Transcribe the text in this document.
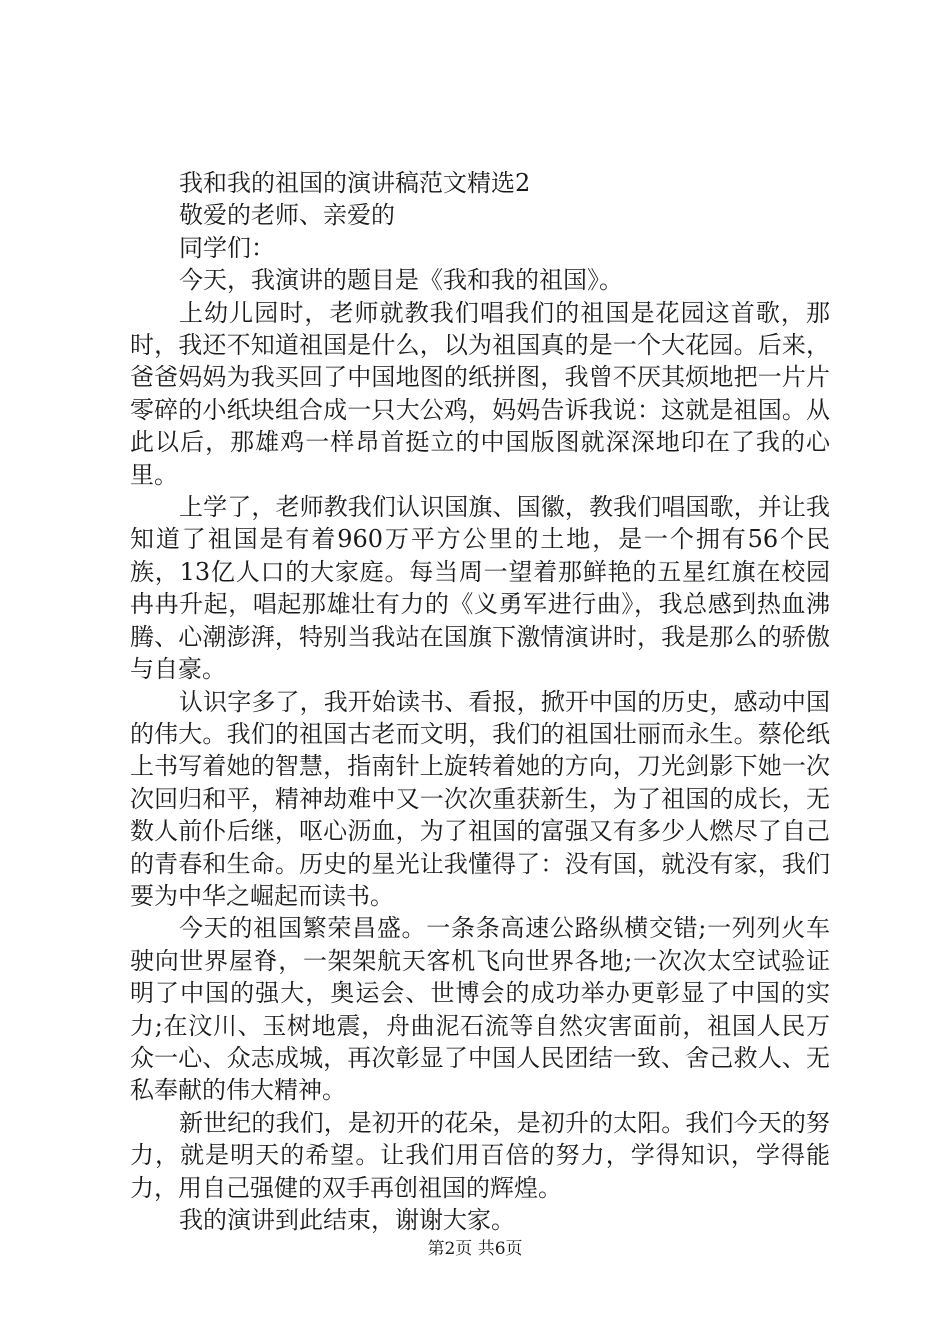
我和我的祖国的演讲稿范文精选2

敬爱的老师、亲爱的

同学们：

今天，我演讲的题目是《我和我的祖国》。

上幼儿园时，老师就教我们唱我们的祖国是花园这首歌，那时，我还不知道祖国是什么，以为祖国真的是一个大花园。后来，爸爸妈妈为我买回了中国地图的纸拼图，我曾不厌其烦地把一片片零碎的小纸块组合成一只大公鸡，妈妈告诉我说：这就是祖国。从此以后，那雄鸡一样昂首挺立的中国版图就深深地印在了我的心里。

上学了，老师教我们认识国旗、国徽，教我们唱国歌，并让我知道了祖国是有着960万平方公里的土地，是一个拥有56个民族，13亿人口的大家庭。每当周一望着那鲜艳的五星红旗在校园冉冉升起，唱起那雄壮有力的《义勇军进行曲》，我总感到热血沸腾、心潮澎湃，特别当我站在国旗下激情演讲时，我是那么的骄傲与自豪。

认识字多了，我开始读书、看报，掀开中国的历史，感动中国的伟大。我们的祖国古老而文明，我们的祖国壮丽而永生。蔡伦纸上书写着她的智慧，指南针上旋转着她的方向，刀光剑影下她一次次回归和平，精神劫难中又一次次重获新生，为了祖国的成长，无数人前仆后继，呕心沥血，为了祖国的富强又有多少人燃尽了自己的青春和生命。历史的星光让我懂得了：没有国，就没有家，我们要为中华之崛起而读书。

今天的祖国繁荣昌盛。一条条高速公路纵横交错;一列列火车驶向世界屋脊，一架架航天客机飞向世界各地;一次次太空试验证明了中国的强大，奥运会、世博会的成功举办更彰显了中国的实力;在汶川、玉树地震，舟曲泥石流等自然灾害面前，祖国人民万众一心、众志成城，再次彰显了中国人民团结一致、舍己救人、无私奉献的伟大精神。

新世纪的我们，是初开的花朵，是初升的太阳。我们今天的努力，就是明天的希望。让我们用百倍的努力，学得知识，学得能力，用自己强健的双手再创祖国的辉煌。

我的演讲到此结束，谢谢大家。

第2页 共6页
